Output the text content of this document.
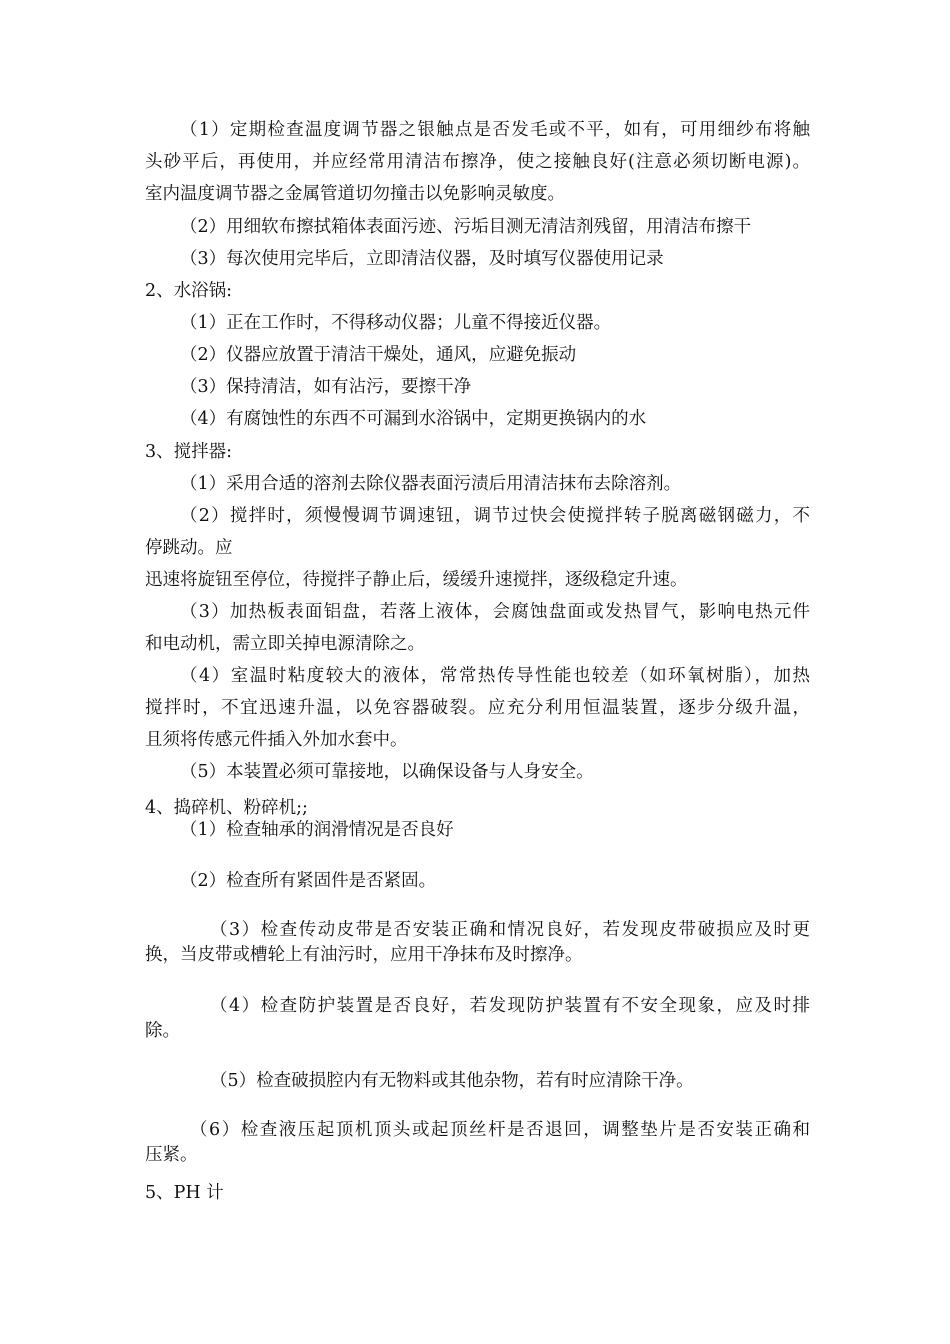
（1）定期检查温度调节器之银触点是否发毛或不平，如有，可用细纱布将触
头砂平后，再使用，并应经常用清洁布擦净，使之接触良好(注意必须切断电源)。
室内温度调节器之金属管道切勿撞击以免影响灵敏度。
（2）用细软布擦拭箱体表面污迹、污垢目测无清洁剂残留，用清洁布擦干
（3）每次使用完毕后，立即清洁仪器，及时填写仪器使用记录
2、水浴锅:
（1）正在工作时，不得移动仪器；儿童不得接近仪器。
（2）仪器应放置于清洁干燥处，通风，应避免振动
（3）保持清洁，如有沾污，要擦干净
（4）有腐蚀性的东西不可漏到水浴锅中，定期更换锅内的水
3、搅拌器:
（1）采用合适的溶剂去除仪器表面污渍后用清洁抹布去除溶剂。
（2）搅拌时，须慢慢调节调速钮，调节过快会使搅拌转子脱离磁钢磁力，不
停跳动。应
迅速将旋钮至停位，待搅拌子静止后，缓缓升速搅拌，逐级稳定升速。
（3）加热板表面铝盘，若落上液体，会腐蚀盘面或发热冒气，影响电热元件
和电动机，需立即关掉电源清除之。
（4）室温时粘度较大的液体，常常热传导性能也较差（如环氧树脂），加热
搅拌时，不宜迅速升温，以免容器破裂。应充分利用恒温装置，逐步分级升温，
且须将传感元件插入外加水套中。
（5）本装置必须可靠接地，以确保设备与人身安全。
4、捣碎机、粉碎机;;
（1）检查轴承的润滑情况是否良好
（2）检查所有紧固件是否紧固。
（3）检查传动皮带是否安装正确和情况良好，若发现皮带破损应及时更
换，当皮带或槽轮上有油污时，应用干净抹布及时擦净。
（4）检查防护装置是否良好，若发现防护装置有不安全现象，应及时排
除。
（5）检查破损腔内有无物料或其他杂物，若有时应清除干净。
（6）检查液压起顶机顶头或起顶丝杆是否退回，调整垫片是否安装正确和
压紧。
5、PH 计
